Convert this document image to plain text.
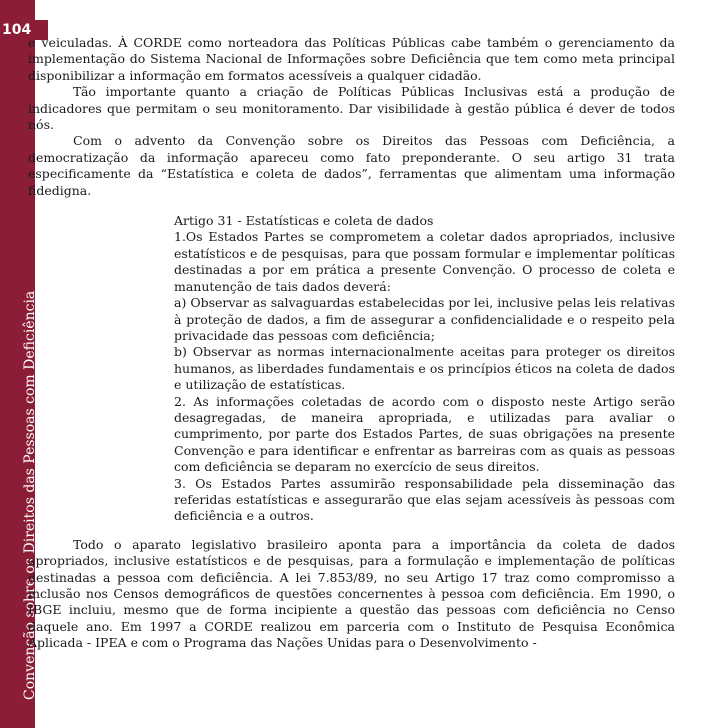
104
Convenção sobre os Direitos das Pessoas com Deficiência

e veiculadas. À CORDE como norteadora das Políticas Públicas cabe também o gerenciamento da implementação do Sistema Nacional de Informações sobre Deficiência que tem como meta principal disponibilizar a informação em formatos acessíveis a qualquer cidadão.

Tão importante quanto a criação de Políticas Públicas Inclusivas está a produção de indicadores que permitam o seu monitoramento. Dar visibilidade à gestão pública é dever de todos nós.

Com o advento da Convenção sobre os Direitos das Pessoas com Deficiência, a democratização da informação apareceu como fato preponderante. O seu artigo 31 trata especificamente da “Estatística e coleta de dados”, ferramentas que alimentam uma informação fidedigna.

Artigo 31 - Estatísticas e coleta de dados

1.Os Estados Partes se comprometem a coletar dados apropriados, inclusive estatísticos e de pesquisas, para que possam formular e implementar políticas destinadas a por em prática a presente Convenção. O processo de coleta e manutenção de tais dados deverá:

a) Observar as salvaguardas estabelecidas por lei, inclusive pelas leis relativas à proteção de dados, a fim de assegurar a confidencialidade e o respeito pela privacidade das pessoas com deficiência;

b) Observar as normas internacionalmente aceitas para proteger os direitos humanos, as liberdades fundamentais e os princípios éticos na coleta de dados e utilização de estatísticas.

2. As informações coletadas de acordo com o disposto neste Artigo serão desagregadas, de maneira apropriada, e utilizadas para avaliar o cumprimento, por parte dos Estados Partes, de suas obrigações na presente Convenção e para identificar e enfrentar as barreiras com as quais as pessoas com deficiência se deparam no exercício de seus direitos.

3. Os Estados Partes assumirão responsabilidade pela disseminação das referidas estatísticas e assegurarão que elas sejam acessíveis às pessoas com deficiência e a outros.

Todo o aparato legislativo brasileiro aponta para a importância da coleta de dados apropriados, inclusive estatísticos e de pesquisas, para a formulação e implementação de políticas destinadas a pessoa com deficiência. A lei 7.853/89, no seu Artigo 17 traz como compromisso a inclusão nos Censos demográficos de questões concernentes à pessoa com deficiência. Em 1990, o IBGE incluiu, mesmo que de forma incipiente a questão das pessoas com deficiência no Censo daquele ano. Em 1997 a CORDE realizou em parceria com o Instituto de Pesquisa Econômica Aplicada - IPEA e com o Programa das Nações Unidas para o Desenvolvimento -
